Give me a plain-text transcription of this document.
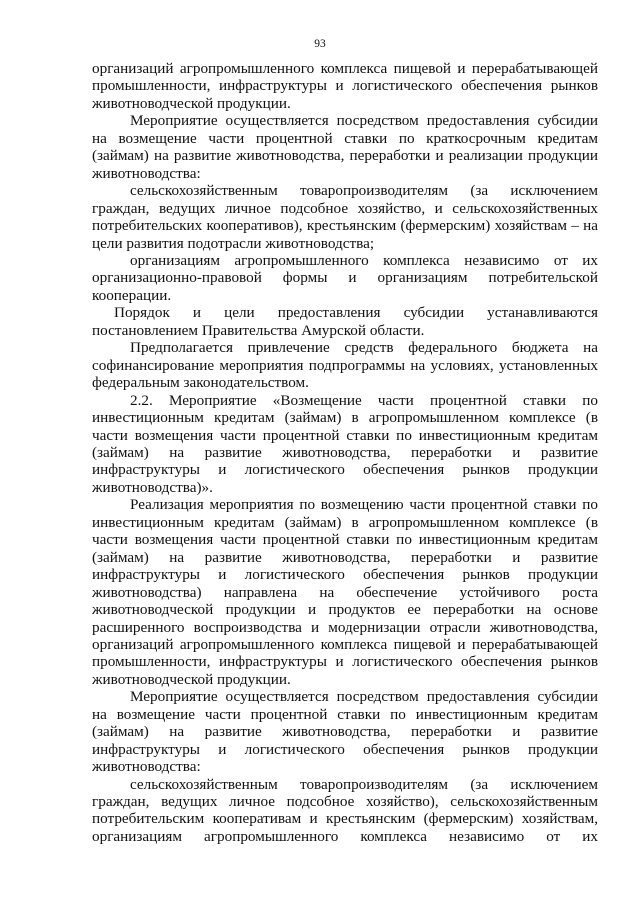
93

организаций агропромышленного комплекса пищевой и перерабатывающей промышленности, инфраструктуры и логистического обеспечения рынков животноводческой продукции.

Мероприятие осуществляется посредством предоставления субсидии на возмещение части процентной ставки по краткосрочным кредитам (займам) на развитие животноводства, переработки и реализации продукции животноводства:

сельскохозяйственным товаропроизводителям (за исключением граждан, ведущих личное подсобное хозяйство, и сельскохозяйственных потребительских кооперативов), крестьянским (фермерским) хозяйствам – на цели развития подотрасли животноводства;

организациям агропромышленного комплекса независимо от их организационно-правовой формы и организациям потребительской кооперации.

Порядок и цели предоставления субсидии устанавливаются постановлением Правительства Амурской области.

Предполагается привлечение средств федерального бюджета на софинансирование мероприятия подпрограммы на условиях, установленных федеральным законодательством.

2.2. Мероприятие «Возмещение части процентной ставки по инвестиционным кредитам (займам) в агропромышленном комплексе (в части возмещения части процентной ставки по инвестиционным кредитам (займам) на развитие животноводства, переработки и развитие инфраструктуры и логистического обеспечения рынков продукции животноводства)».

Реализация мероприятия по возмещению части процентной ставки по инвестиционным кредитам (займам) в агропромышленном комплексе (в части возмещения части процентной ставки по инвестиционным кредитам (займам) на развитие животноводства, переработки и развитие инфраструктуры и логистического обеспечения рынков продукции животноводства) направлена на обеспечение устойчивого роста животноводческой продукции и продуктов ее переработки на основе расширенного воспроизводства и модернизации отрасли животноводства, организаций агропромышленного комплекса пищевой и перерабатывающей промышленности, инфраструктуры и логистического обеспечения рынков животноводческой продукции.

Мероприятие осуществляется посредством предоставления субсидии на возмещение части процентной ставки по инвестиционным кредитам (займам) на развитие животноводства, переработки и развитие инфраструктуры и логистического обеспечения рынков продукции животноводства:

сельскохозяйственным товаропроизводителям (за исключением граждан, ведущих личное подсобное хозяйство), сельскохозяйственным потребительским кооперативам и крестьянским (фермерским) хозяйствам, организациям агропромышленного комплекса независимо от их
